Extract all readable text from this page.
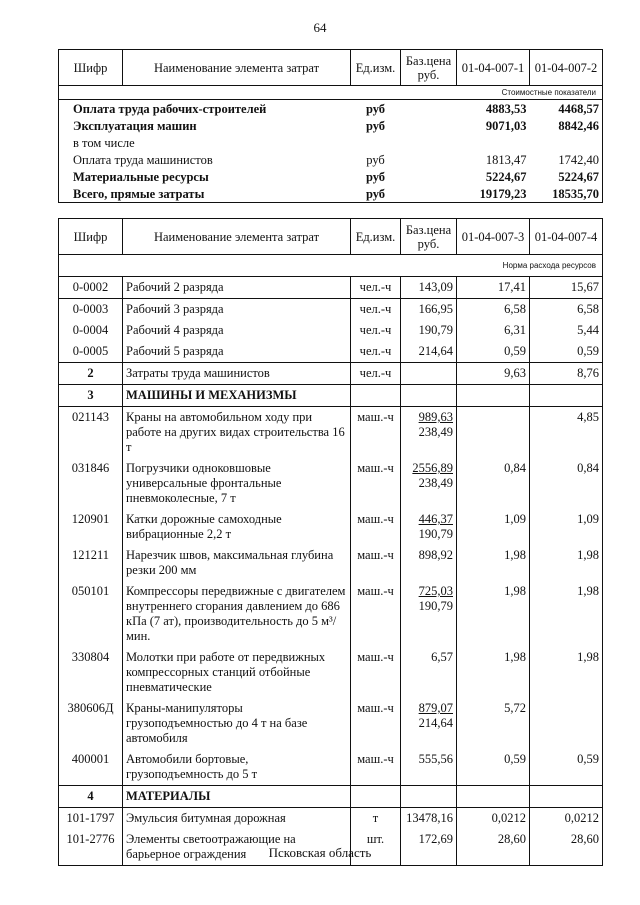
64
Шифр	Наименование элемента затрат	Ед.изм.	Баз.цена руб.	01-04-007-1	01-04-007-2
Стоимостные показатели					
Оплата труда рабочих-строителей		руб		4883,53	4468,57
Эксплуатация машин		руб		9071,03	8842,46
в том числе					
Оплата труда машинистов		руб		1813,47	1742,40
Материальные ресурсы		руб		5224,67	5224,67
Всего, прямые затраты		руб		19179,23	18535,70
Шифр	Наименование элемента затрат	Ед.изм.	Баз.цена руб.	01-04-007-3	01-04-007-4
Норма расхода ресурсов					
0-0002	Рабочий 2 разряда	чел.-ч	143,09	17,41	15,67
0-0003	Рабочий 3 разряда	чел.-ч	166,95	6,58	6,58
0-0004	Рабочий 4 разряда	чел.-ч	190,79	6,31	5,44
0-0005	Рабочий 5 разряда	чел.-ч	214,64	0,59	0,59
2	Затраты труда машинистов	чел.-ч		9,63	8,76
3	МАШИНЫ И МЕХАНИЗМЫ				
021143	Краны на автомобильном ходу при работе на других видах строительства 16 т	маш.-ч	$\frac{989,63}{238,49}$		4,85
031846	Погрузчики одноковшовые универсальные фронтальные пневмоколесные, 7 т	маш.-ч	$\frac{2556,89}{238,49}$	0,84	0,84
120901	Катки дорожные самоходные вибрационные 2,2 т	маш.-ч	$\frac{446,37}{190,79}$	1,09	1,09
121211	Нарезчик швов, максимальная глубина резки 200 мм	маш.-ч	898,92	1,98	1,98
050101	Компрессоры передвижные с двигателем внутреннего сгорания давлением до 686 кПа (7 ат), производительность до 5 м³/мин.	маш.-ч	$\frac{725,03}{190,79}$	1,98	1,98
330804	Молотки при работе от передвижных компрессорных станций отбойные пневматические	маш.-ч	6,57	1,98	1,98
380606Д	Краны-манипуляторы грузоподъемностью до 4 т на базе автомобиля	маш.-ч	$\frac{879,07}{214,64}$	5,72	
400001	Автомобили бортовые, грузоподъемность до 5 т	маш.-ч	555,56	0,59	0,59
4	МАТЕРИАЛЫ				
101-1797	Эмульсия битумная дорожная	т	13478,16	0,0212	0,0212
101-2776	Элементы светоотражающие на барьерное ограждения	шт.	172,69	28,60	28,60
Псковская область
